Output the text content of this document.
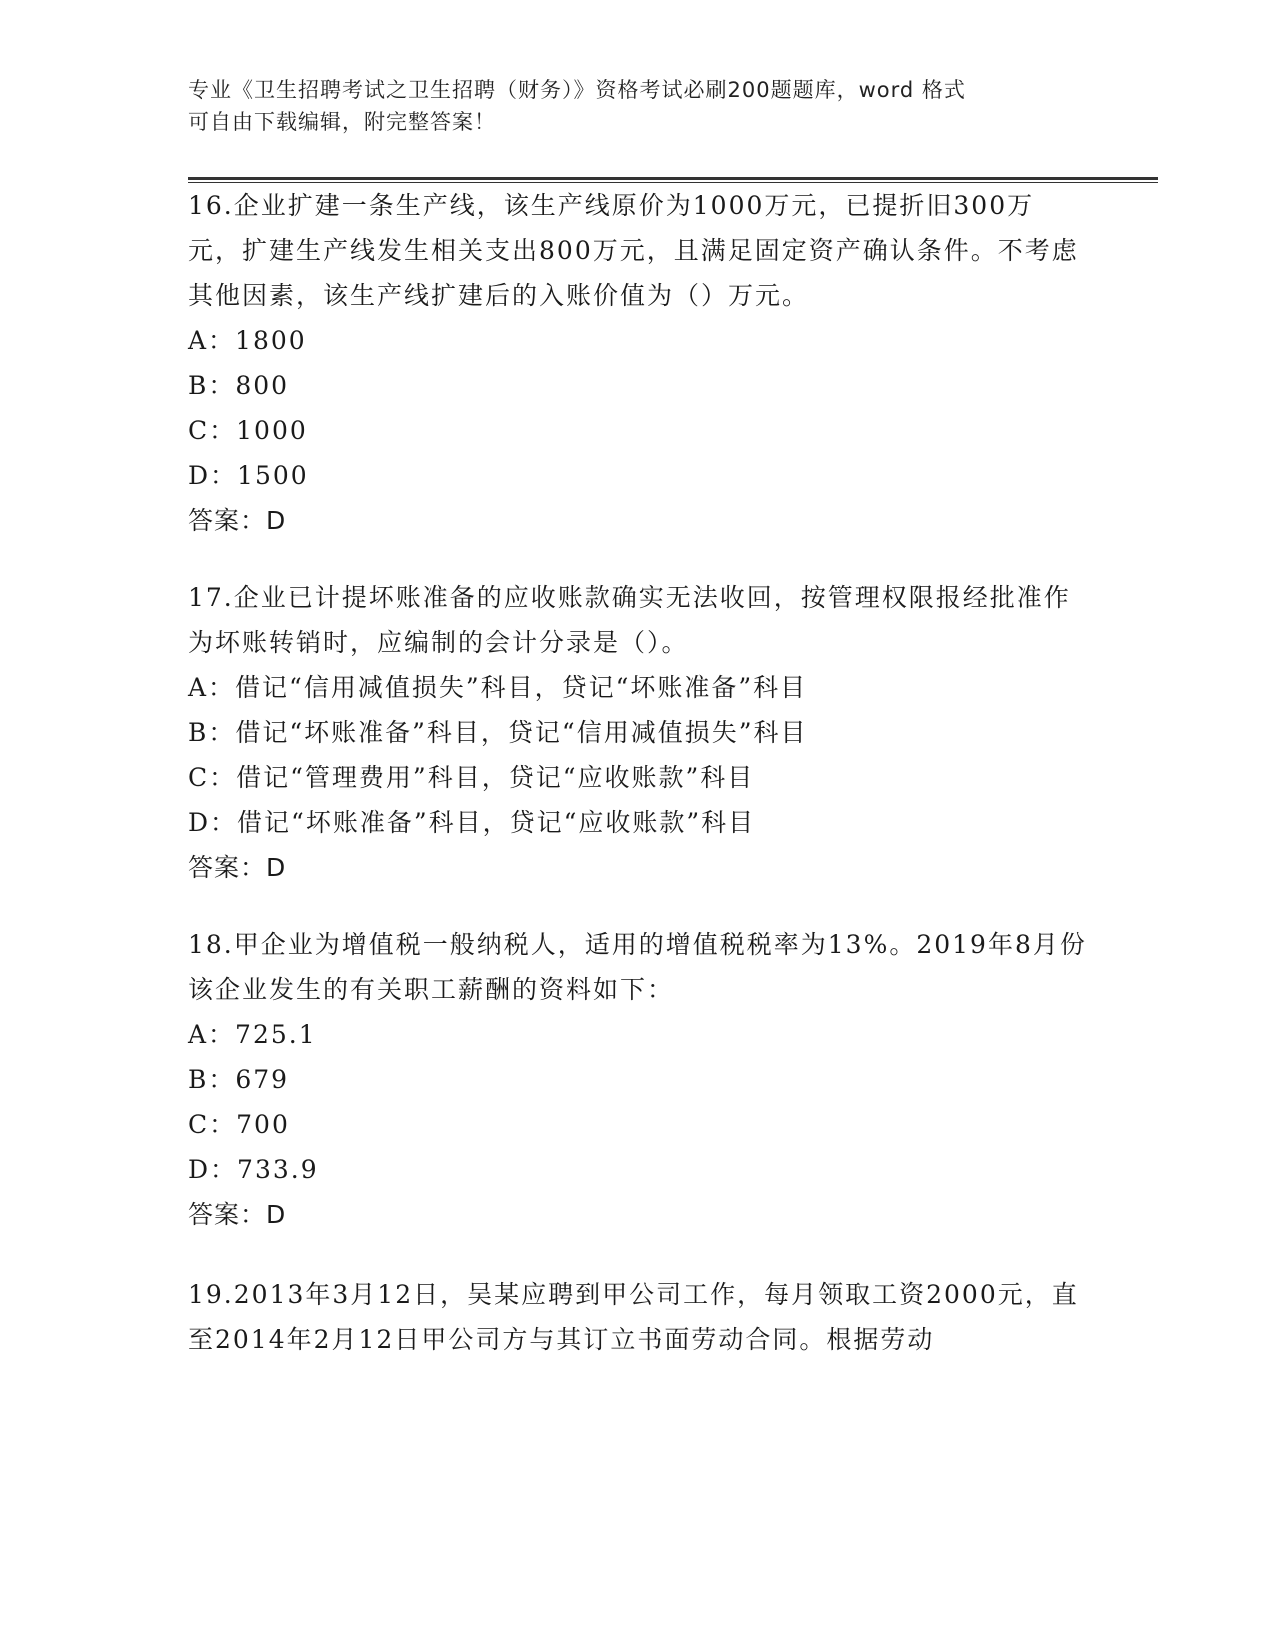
专业《卫生招聘考试之卫生招聘（财务）》资格考试必刷200题题库，word 格式
可自由下载编辑，附完整答案！

16.企业扩建一条生产线，该生产线原价为1000万元，已提折旧300万元，扩建生产线发生相关支出800万元，且满足固定资产确认条件。不考虑其他因素，该生产线扩建后的入账价值为（）万元。

A：1800

B：800

C：1000

D：1500

答案：D

17.企业已计提坏账准备的应收账款确实无法收回，按管理权限报经批准作为坏账转销时，应编制的会计分录是（）。

A：借记“信用减值损失”科目，贷记“坏账准备”科目

B：借记“坏账准备”科目，贷记“信用减值损失”科目

C：借记“管理费用”科目，贷记“应收账款”科目

D：借记“坏账准备”科目，贷记“应收账款”科目

答案：D

18.甲企业为增值税一般纳税人，适用的增值税税率为13%。2019年8月份该企业发生的有关职工薪酬的资料如下：

A：725.1

B：679

C：700

D：733.9

答案：D

19.2013年3月12日，吴某应聘到甲公司工作，每月领取工资2000元，直至2014年2月12日甲公司方与其订立书面劳动合同。根据劳动
